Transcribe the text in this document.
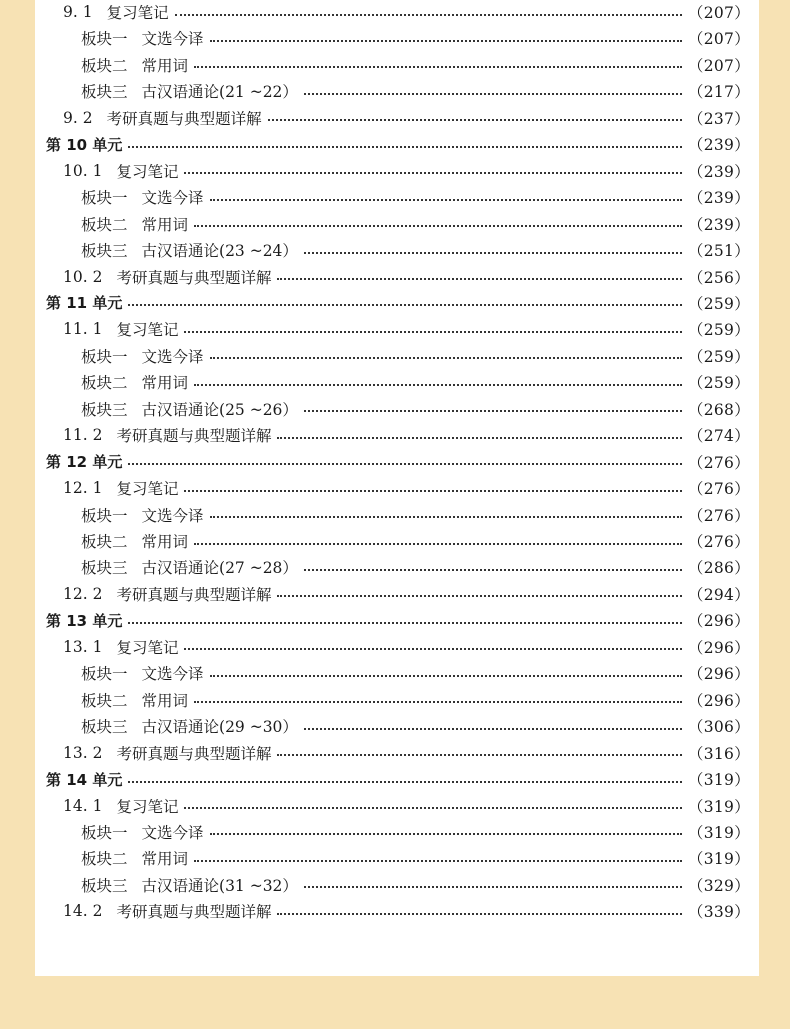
9. 1 复习笔记	（207）
板块一 文选今译	（207）
板块二 常用词	（207）
板块三 古汉语通论(21 ~22）	（217）
9. 2 考研真题与典型题详解	（237）
第 10 单元	（239）
10. 1 复习笔记	（239）
板块一 文选今译	（239）
板块二 常用词	（239）
板块三 古汉语通论(23 ~24）	（251）
10. 2 考研真题与典型题详解	（256）
第 11 单元	（259）
11. 1 复习笔记	（259）
板块一 文选今译	（259）
板块二 常用词	（259）
板块三 古汉语通论(25 ~26）	（268）
11. 2 考研真题与典型题详解	（274）
第 12 单元	（276）
12. 1 复习笔记	（276）
板块一 文选今译	（276）
板块二 常用词	（276）
板块三 古汉语通论(27 ~28）	（286）
12. 2 考研真题与典型题详解	（294）
第 13 单元	（296）
13. 1 复习笔记	（296）
板块一 文选今译	（296）
板块二 常用词	（296）
板块三 古汉语通论(29 ~30）	（306）
13. 2 考研真题与典型题详解	（316）
第 14 单元	（319）
14. 1 复习笔记	（319）
板块一 文选今译	（319）
板块二 常用词	（319）
板块三 古汉语通论(31 ~32）	（329）
14. 2 考研真题与典型题详解	（339）
